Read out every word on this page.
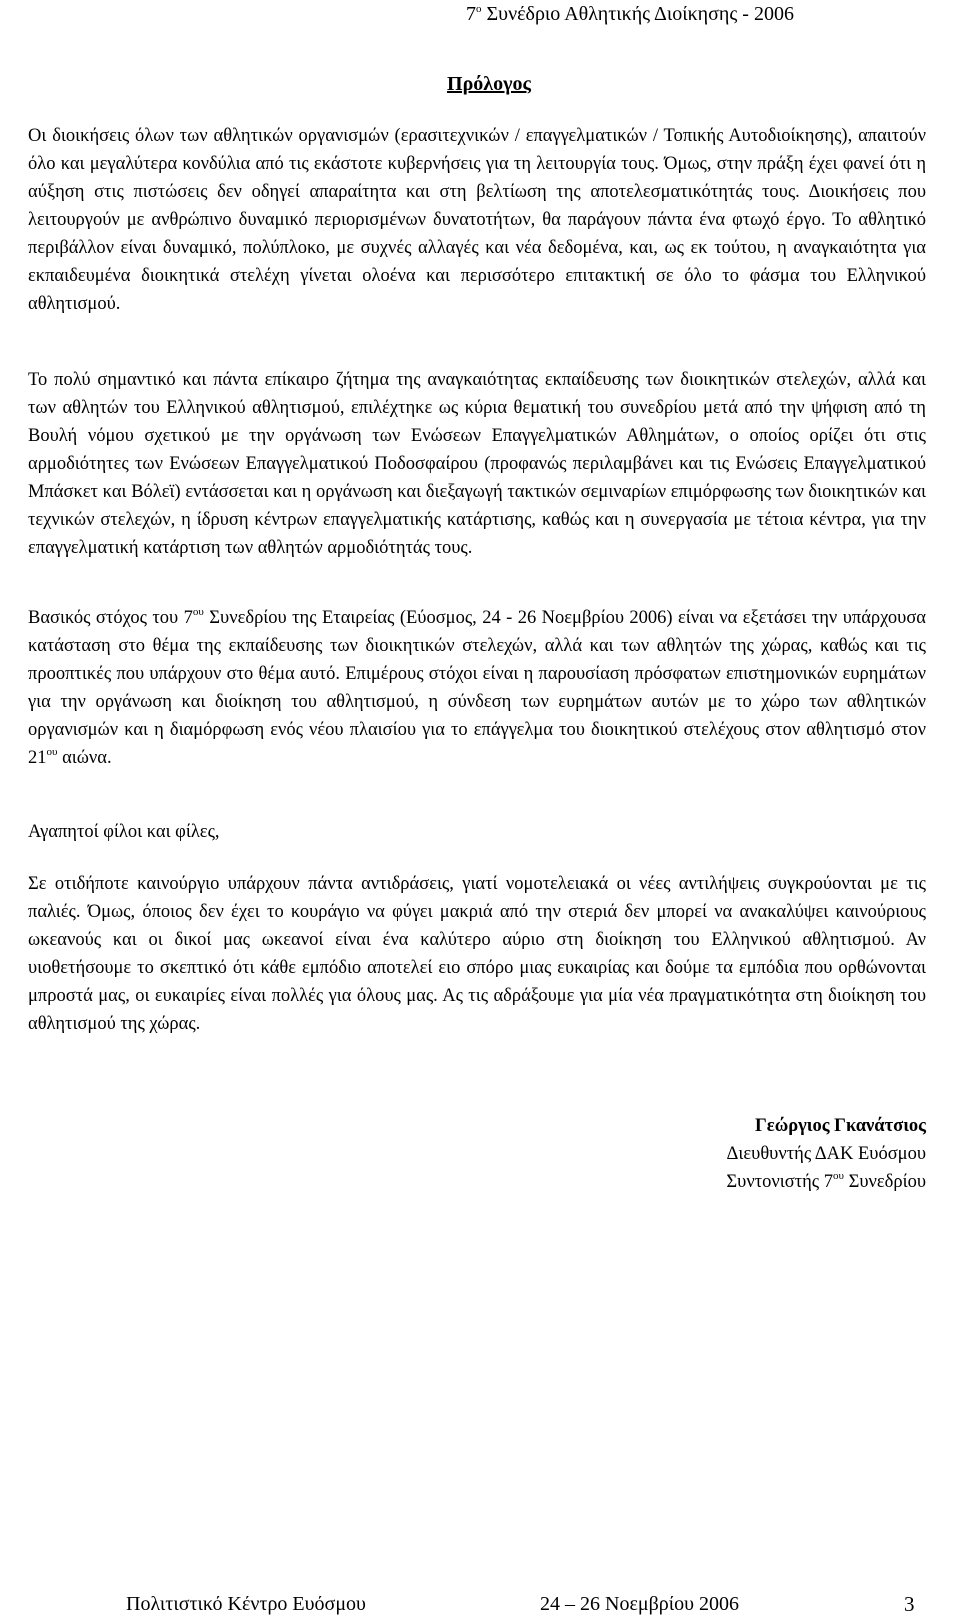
$7^o$ Συνέδριο Αθλητικής Διοίκησης - 2006
Πρόλογος

Οι διοικήσεις όλων των αθλητικών οργανισμών (ερασιτεχνικών / επαγγελματικών / Τοπικής Αυτοδιοίκησης), απαιτούν όλο και μεγαλύτερα κονδύλια από τις εκάστοτε κυβερνήσεις για τη λειτουργία τους. Όμως, στην πράξη έχει φανεί ότι η αύξηση στις πιστώσεις δεν οδηγεί απαραίτητα και στη βελτίωση της αποτελεσματικότητάς τους. Διοικήσεις που λειτουργούν με ανθρώπινο δυναμικό περιορισμένων δυνατοτήτων, θα παράγουν πάντα ένα φτωχό έργο. Το αθλητικό περιβάλλον είναι δυναμικό, πολύπλοκο, με συχνές αλλαγές και νέα δεδομένα, και, ως εκ τούτου, η αναγκαιότητα για εκπαιδευμένα διοικητικά στελέχη γίνεται ολοένα και περισσότερο επιτακτική σε όλο το φάσμα του Ελληνικού αθλητισμού.

Το πολύ σημαντικό και πάντα επίκαιρο ζήτημα της αναγκαιότητας εκπαίδευσης των διοικητικών στελεχών, αλλά και των αθλητών του Ελληνικού αθλητισμού, επιλέχτηκε ως κύρια θεματική του συνεδρίου μετά από την ψήφιση από τη Βουλή νόμου σχετικού με την οργάνωση των Ενώσεων Επαγγελματικών Αθλημάτων, ο οποίος ορίζει ότι στις αρμοδιότητες των Ενώσεων Επαγγελματικού Ποδοσφαίρου (προφανώς περιλαμβάνει και τις Ενώσεις Επαγγελματικού Μπάσκετ και Βόλεϊ) εντάσσεται και η οργάνωση και διεξαγωγή τακτικών σεμιναρίων επιμόρφωσης των διοικητικών και τεχνικών στελεχών, η ίδρυση κέντρων επαγγελματικής κατάρτισης, καθώς και η συνεργασία με τέτοια κέντρα, για την επαγγελματική κατάρτιση των αθλητών αρμοδιότητάς τους.

Βασικός στόχος του $7^{o\upsilon}$ Συνεδρίου της Εταιρείας (Εύοσμος, 24 - 26 Νοεμβρίου 2006) είναι να εξετάσει την υπάρχουσα κατάσταση στο θέμα της εκπαίδευσης των διοικητικών στελεχών, αλλά και των αθλητών της χώρας, καθώς και τις προοπτικές που υπάρχουν στο θέμα αυτό. Επιμέρους στόχοι είναι η παρουσίαση πρόσφατων επιστημονικών ευρημάτων για την οργάνωση και διοίκηση του αθλητισμού, η σύνδεση των ευρημάτων αυτών με το χώρο των αθλητικών οργανισμών και η διαμόρφωση ενός νέου πλαισίου για το επάγγελμα του διοικητικού στελέχους στον αθλητισμό στον $21^{o\upsilon}$ αιώνα.

Αγαπητοί φίλοι και φίλες,

Σε οτιδήποτε καινούργιο υπάρχουν πάντα αντιδράσεις, γιατί νομοτελειακά οι νέες αντιλήψεις συγκρούονται με τις παλιές. Όμως, όποιος δεν έχει το κουράγιο να φύγει μακριά από την στεριά δεν μπορεί να ανακαλύψει καινούριους ωκεανούς και οι δικοί μας ωκεανοί είναι ένα καλύτερο αύριο στη διοίκηση του Ελληνικού αθλητισμού. Αν υιοθετήσουμε το σκεπτικό ότι κάθε εμπόδιο αποτελεί ειο σπόρο μιας ευκαιρίας και δούμε τα εμπόδια που ορθώνονται μπροστά μας, οι ευκαιρίες είναι πολλές για όλους μας. Ας τις αδράξουμε για μία νέα πραγματικότητα στη διοίκηση του αθλητισμού της χώρας.

Γεώργιος Γκανάτσιος
Διευθυντής ΔΑΚ Ευόσμου
Συντονιστής $7^{o\upsilon}$ Συνεδρίου
Πολιτιστικό Κέντρο Ευόσμου	24 – 26 Νοεμβρίου 2006	3
